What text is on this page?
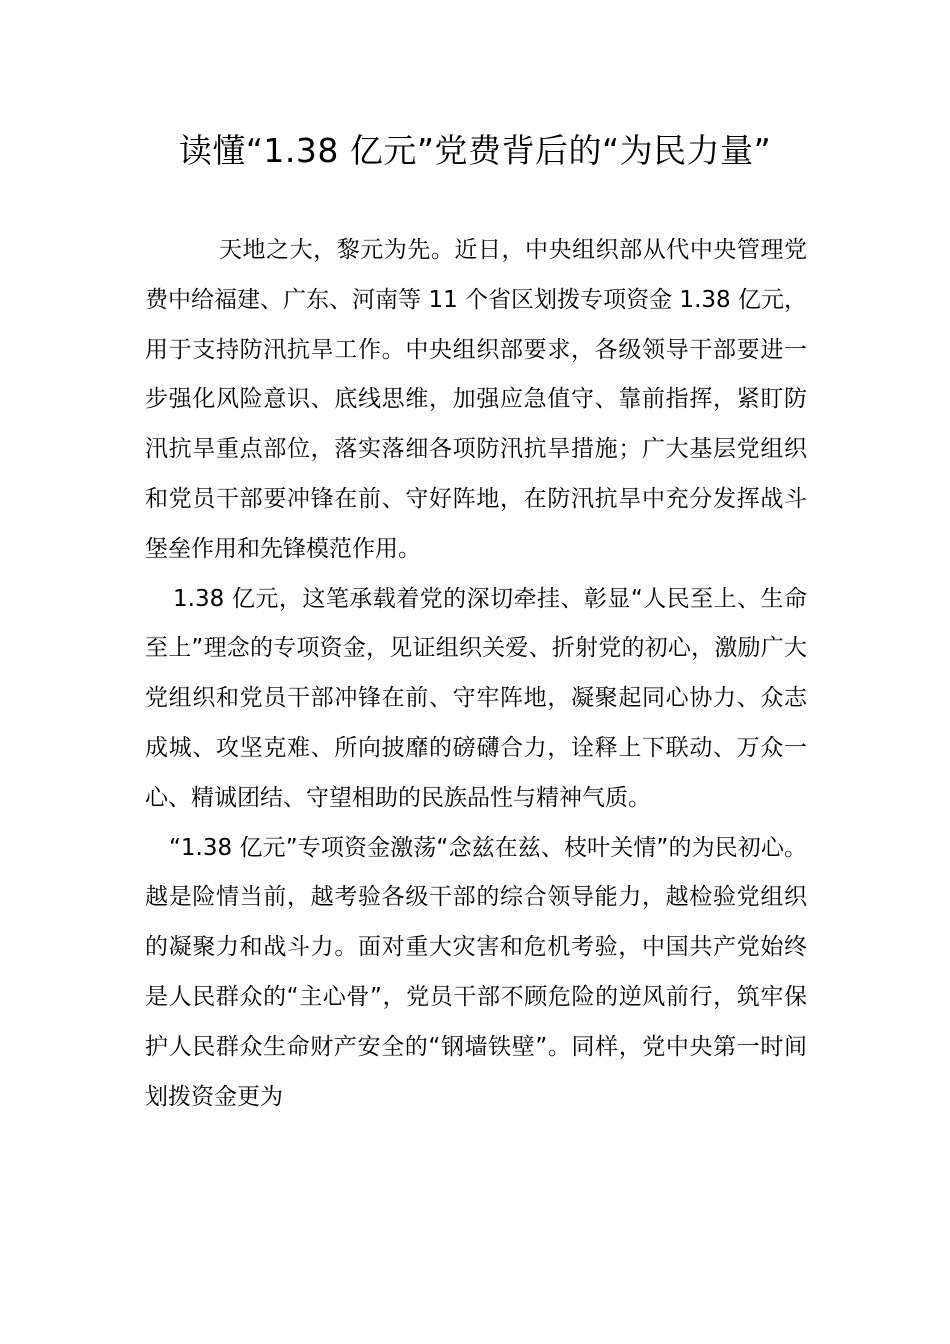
读懂“1.38 亿元”党费背后的“为民力量”

天地之大，黎元为先。近日，中央组织部从代中央管理党费中给福建、广东、河南等 11 个省区划拨专项资金 1.38 亿元，用于支持防汛抗旱工作。中央组织部要求，各级领导干部要进一步强化风险意识、底线思维，加强应急值守、靠前指挥，紧盯防汛抗旱重点部位，落实落细各项防汛抗旱措施；广大基层党组织和党员干部要冲锋在前、守好阵地，在防汛抗旱中充分发挥战斗堡垒作用和先锋模范作用。

1.38 亿元，这笔承载着党的深切牵挂、彰显“人民至上、生命至上”理念的专项资金，见证组织关爱、折射党的初心，激励广大党组织和党员干部冲锋在前、守牢阵地，凝聚起同心协力、众志成城、攻坚克难、所向披靡的磅礴合力，诠释上下联动、万众一心、精诚团结、守望相助的民族品性与精神气质。

“1.38 亿元”专项资金激荡“念兹在兹、枝叶关情”的为民初心。越是险情当前，越考验各级干部的综合领导能力，越检验党组织的凝聚力和战斗力。面对重大灾害和危机考验，中国共产党始终是人民群众的“主心骨”，党员干部不顾危险的逆风前行，筑牢保护人民群众生命财产安全的“钢墙铁壁”。同样，党中央第一时间划拨资金更为
